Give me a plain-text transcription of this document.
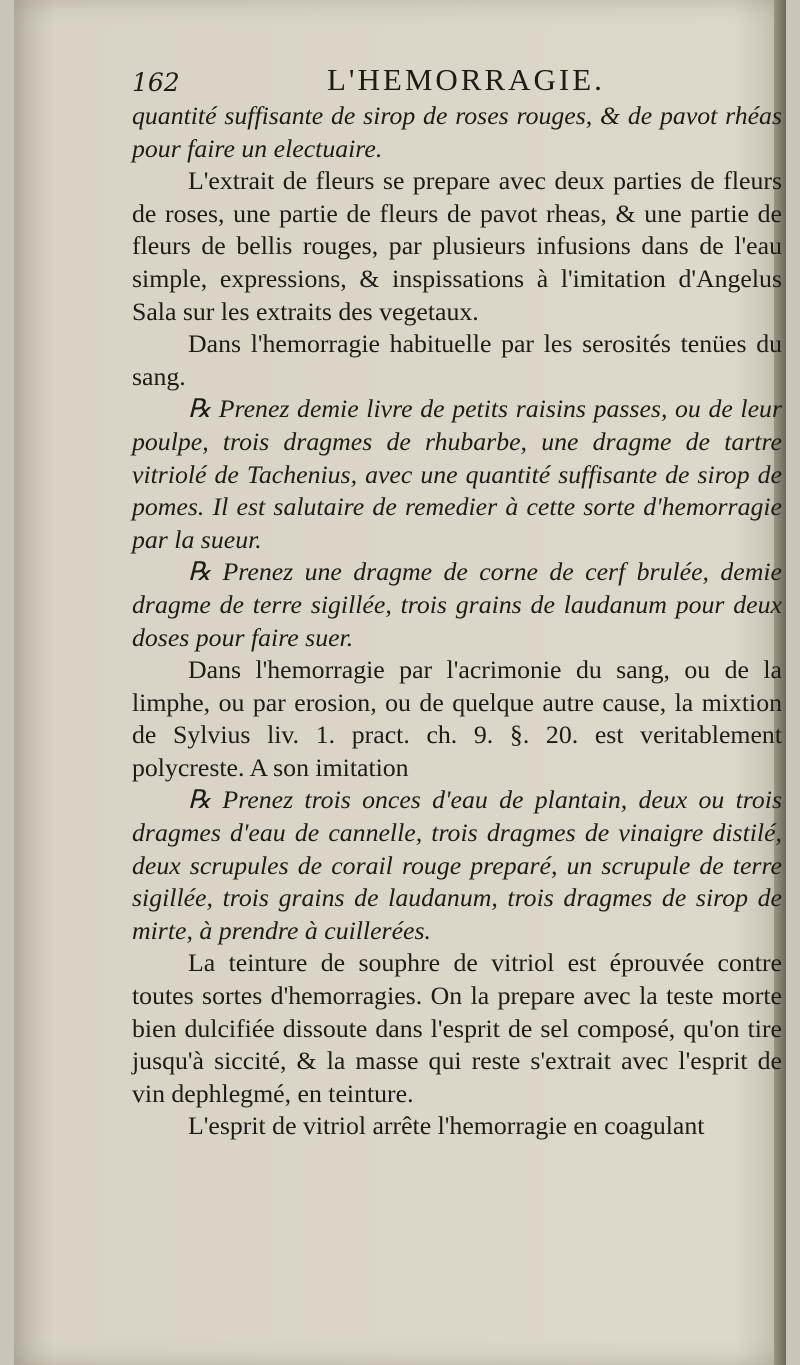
162	L'HEMORRAGIE.

quantité suffisante de sirop de roses rouges, & de pavot rhéas pour faire un electuaire.

L'extrait de fleurs se prepare avec deux parties de fleurs de roses, une partie de fleurs de pavot rheas, & une partie de fleurs de bellis rouges, par plusieurs infusions dans de l'eau simple, expressions, & inspissations à l'imitation d'Angelus Sala sur les extraits des vegetaux.

Dans l'hemorragie habituelle par les serosités tenües du sang.

℞ Prenez demie livre de petits raisins passes, ou de leur poulpe, trois dragmes de rhubarbe, une dragme de tartre vitriolé de Tachenius, avec une quantité suffisante de sirop de pomes. Il est salutaire de remedier à cette sorte d'hemorragie par la sueur.

℞ Prenez une dragme de corne de cerf brulée, demie dragme de terre sigillée, trois grains de laudanum pour deux doses pour faire suer.

Dans l'hemorragie par l'acrimonie du sang, ou de la limphe, ou par erosion, ou de quelque autre cause, la mixtion de Sylvius liv. 1. pract. ch. 9. §. 20. est veritablement polycreste. A son imitation

℞ Prenez trois onces d'eau de plantain, deux ou trois dragmes d'eau de cannelle, trois dragmes de vinaigre distilé, deux scrupules de corail rouge preparé, un scrupule de terre sigillée, trois grains de laudanum, trois dragmes de sirop de mirte, à prendre à cuillerées.

La teinture de souphre de vitriol est éprouvée contre toutes sortes d'hemorragies. On la prepare avec la teste morte bien dulcifiée dissoute dans l'esprit de sel composé, qu'on tire jusqu'à siccité, & la masse qui reste s'extrait avec l'esprit de vin dephlegmé, en teinture.

L'esprit de vitriol arrête l'hemorragie en coagulant
